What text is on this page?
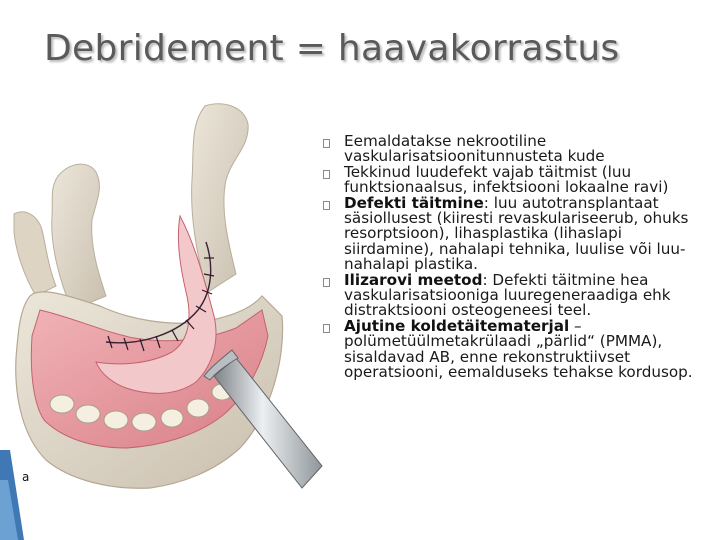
Debridement = haavakorrastus
a
Eemaldatakse nekrootiline vaskularisatsioonitunnusteta kude
Tekkinud luudefekt vajab täitmist (luu funktsionaalsus, infektsiooni lokaalne ravi)
Defekti täitmine: luu autotransplantaat säsiollusest (kiiresti revaskulariseerub, ohuks resorptsioon), lihasplastika (lihaslapi siirdamine), nahalapi tehnika, luulise või luu-nahalapi plastika.
Ilizarovi meetod: Defekti täitmine hea vaskularisatsiooniga luuregeneraadiga ehk distraktsiooni osteogeneesi teel.
Ajutine koldetäitematerjal – polümetüülmetakrülaadi „pärlid“ (PMMA), sisaldavad AB, enne rekonstruktiivset operatsiooni, eemalduseks tehakse kordusop.
